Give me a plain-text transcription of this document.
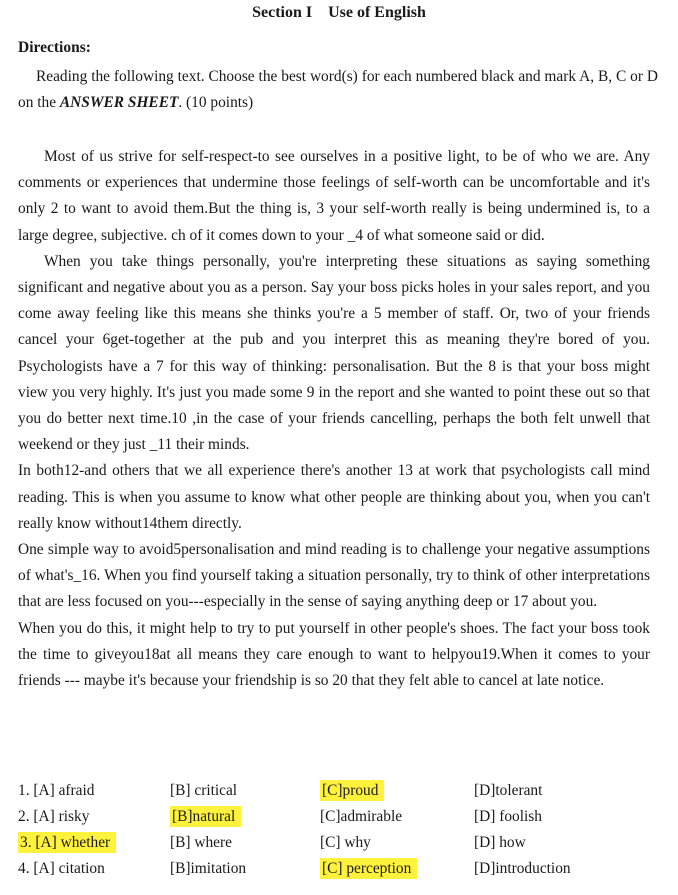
Section I    Use of English
Directions:
Reading the following text. Choose the best word(s) for each numbered black and mark A, B, C or D on the ANSWER SHEET. (10 points)

Most of us strive for self-respect-to see ourselves in a positive light, to be of who we are. Any comments or experiences that undermine those feelings of self-worth can be uncomfortable and it's only 2 to want to avoid them.But the thing is, 3 your self-worth really is being undermined is, to a large degree, subjective. ch of it comes down to your _4 of what someone said or did.

When you take things personally, you're interpreting these situations as saying something significant and negative about you as a person. Say your boss picks holes in your sales report, and you come away feeling like this means she thinks you're a 5 member of staff. Or, two of your friends cancel your 6get-together at the pub and you interpret this as meaning they're bored of you. Psychologists have a 7 for this way of thinking: personalisation. But the 8 is that your boss might view you very highly. It's just you made some 9 in the report and she wanted to point these out so that you do better next time.10 ,in the case of your friends cancelling, perhaps the both felt unwell that weekend or they just _11 their minds.

In both12-and others that we all experience there's another 13 at work that psychologists call mind reading. This is when you assume to know what other people are thinking about you, when you can't really know without14them directly.

One simple way to avoid5personalisation and mind reading is to challenge your negative assumptions of what's_16. When you find yourself taking a situation personally, try to think of other interpretations that are less focused on you---especially in the sense of saying anything deep or 17 about you.

When you do this, it might help to try to put yourself in other people's shoes. The fact your boss took the time to giveyou18at all means they care enough to want to helpyou19.When it comes to your friends --- maybe it's because your friendship is so 20 that they felt able to cancel at late notice.

1. [A] afraid	[B] critical	[C]proud	[D]tolerant
2. [A] risky	[B]natural	[C]admirable	[D] foolish
3. [A] whether	[B] where	[C] why	[D] how
4. [A] citation	[B]imitation	[C] perception	[D]introduction
